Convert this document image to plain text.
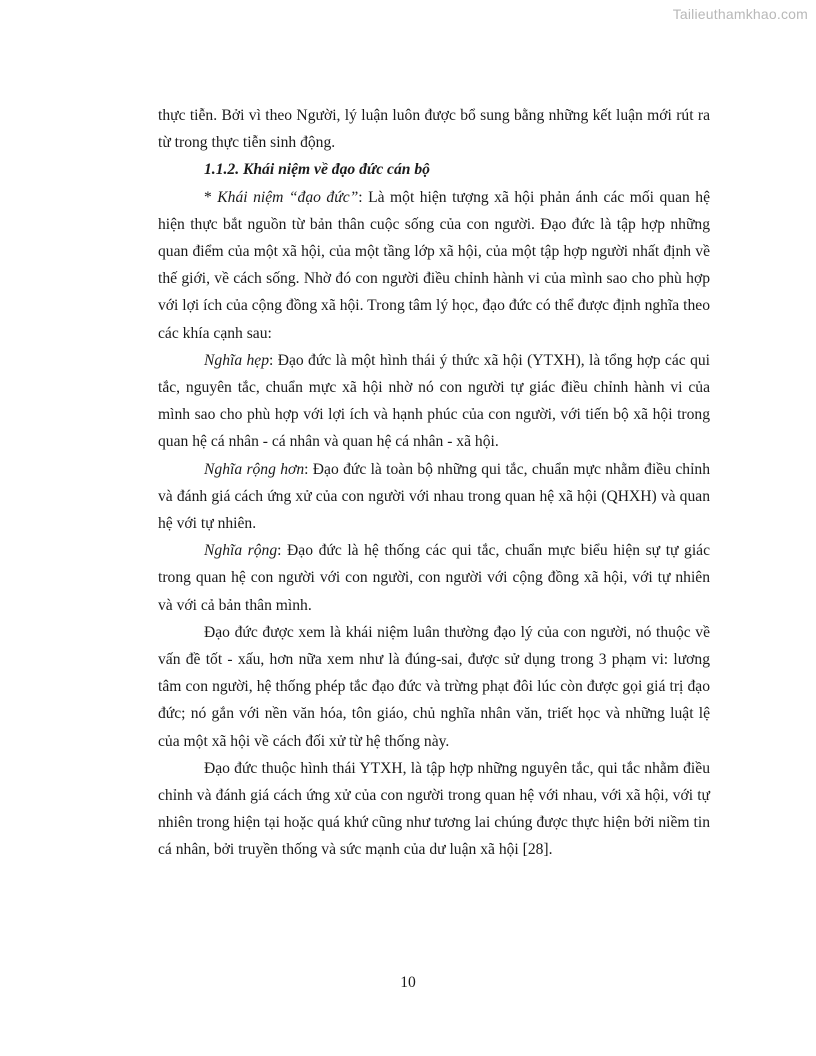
Tailieuthamkhao.com

thực tiễn. Bởi vì theo Người, lý luận luôn được bổ sung bằng những kết luận mới rút ra từ trong thực tiễn sinh động.

1.1.2. Khái niệm về đạo đức cán bộ

* Khái niệm “đạo đức”: Là một hiện tượng xã hội phản ánh các mối quan hệ hiện thực bắt nguồn từ bản thân cuộc sống của con người. Đạo đức là tập hợp những quan điểm của một xã hội, của một tầng lớp xã hội, của một tập hợp người nhất định về thế giới, về cách sống. Nhờ đó con người điều chỉnh hành vi của mình sao cho phù hợp với lợi ích của cộng đồng xã hội. Trong tâm lý học, đạo đức có thể được định nghĩa theo các khía cạnh sau:

Nghĩa hẹp: Đạo đức là một hình thái ý thức xã hội (YTXH), là tổng hợp các qui tắc, nguyên tắc, chuẩn mực xã hội nhờ nó con người tự giác điều chỉnh hành vi của mình sao cho phù hợp với lợi ích và hạnh phúc của con người, với tiến bộ xã hội trong quan hệ cá nhân - cá nhân và quan hệ cá nhân - xã hội.

Nghĩa rộng hơn: Đạo đức là toàn bộ những qui tắc, chuẩn mực nhằm điều chỉnh và đánh giá cách ứng xử của con người với nhau trong quan hệ xã hội (QHXH) và quan hệ với tự nhiên.

Nghĩa rộng: Đạo đức là hệ thống các qui tắc, chuẩn mực biểu hiện sự tự giác trong quan hệ con người với con người, con người với cộng đồng xã hội, với tự nhiên và với cả bản thân mình.

Đạo đức được xem là khái niệm luân thường đạo lý của con người, nó thuộc về vấn đề tốt - xấu, hơn nữa xem như là đúng-sai, được sử dụng trong 3 phạm vi: lương tâm con người, hệ thống phép tắc đạo đức và trừng phạt đôi lúc còn được gọi giá trị đạo đức; nó gắn với nền văn hóa, tôn giáo, chủ nghĩa nhân văn, triết học và những luật lệ của một xã hội về cách đối xử từ hệ thống này.

Đạo đức thuộc hình thái YTXH, là tập hợp những nguyên tắc, qui tắc nhằm điều chỉnh và đánh giá cách ứng xử của con người trong quan hệ với nhau, với xã hội, với tự nhiên trong hiện tại hoặc quá khứ cũng như tương lai chúng được thực hiện bởi niềm tin cá nhân, bởi truyền thống và sức mạnh của dư luận xã hội [28].

10
